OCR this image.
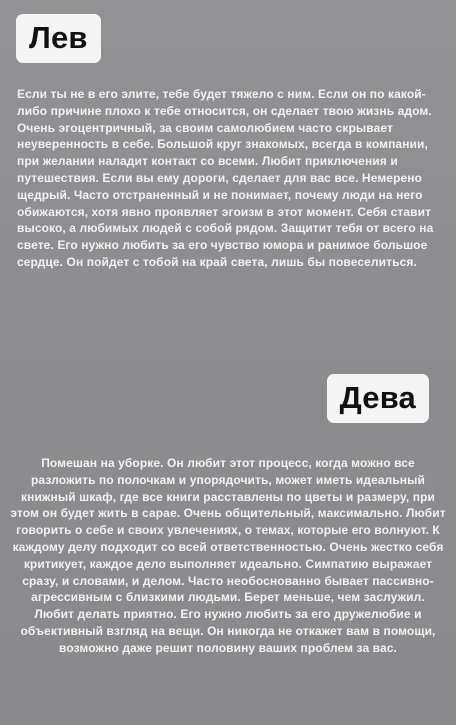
Лев
Если ты не в его элите, тебе будет тяжело с ним. Если он по какой-либо причине плохо к тебе относится, он сделает твою жизнь адом. Очень эгоцентричный, за своим самолюбием часто скрывает неуверенность в себе. Большой круг знакомых, всегда в компании, при желании наладит контакт со всеми. Любит приключения и путешествия. Если вы ему дороги, сделает для вас все. Немерено щедрый. Часто отстраненный и не понимает, почему люди на него обижаются, хотя явно проявляет эгоизм в этот момент. Себя ставит высоко, а любимых людей с собой рядом. Защитит тебя от всего на свете. Его нужно любить за его чувство юмора и ранимое большое сердце. Он пойдет с тобой на край света, лишь бы повеселиться.
Дева
Помешан на уборке. Он любит этот процесс, когда можно все разложить по полочкам и упорядочить, может иметь идеальный книжный шкаф, где все книги расставлены по цветы и размеру, при этом он будет жить в сарае. Очень общительный, максимально. Любит говорить о себе и своих увлечениях, о темах, которые его волнуют. К каждому делу подходит со всей ответственностью. Очень жестко себя критикует, каждое дело выполняет идеально. Симпатию выражает сразу, и словами, и делом. Часто необоснованно бывает пассивно-агрессивным с близкими людьми. Берет меньше, чем заслужил. Любит делать приятно. Его нужно любить за его дружелюбие и объективный взгляд на вещи. Он никогда не откажет вам в помощи, возможно даже решит половину ваших проблем за вас.
